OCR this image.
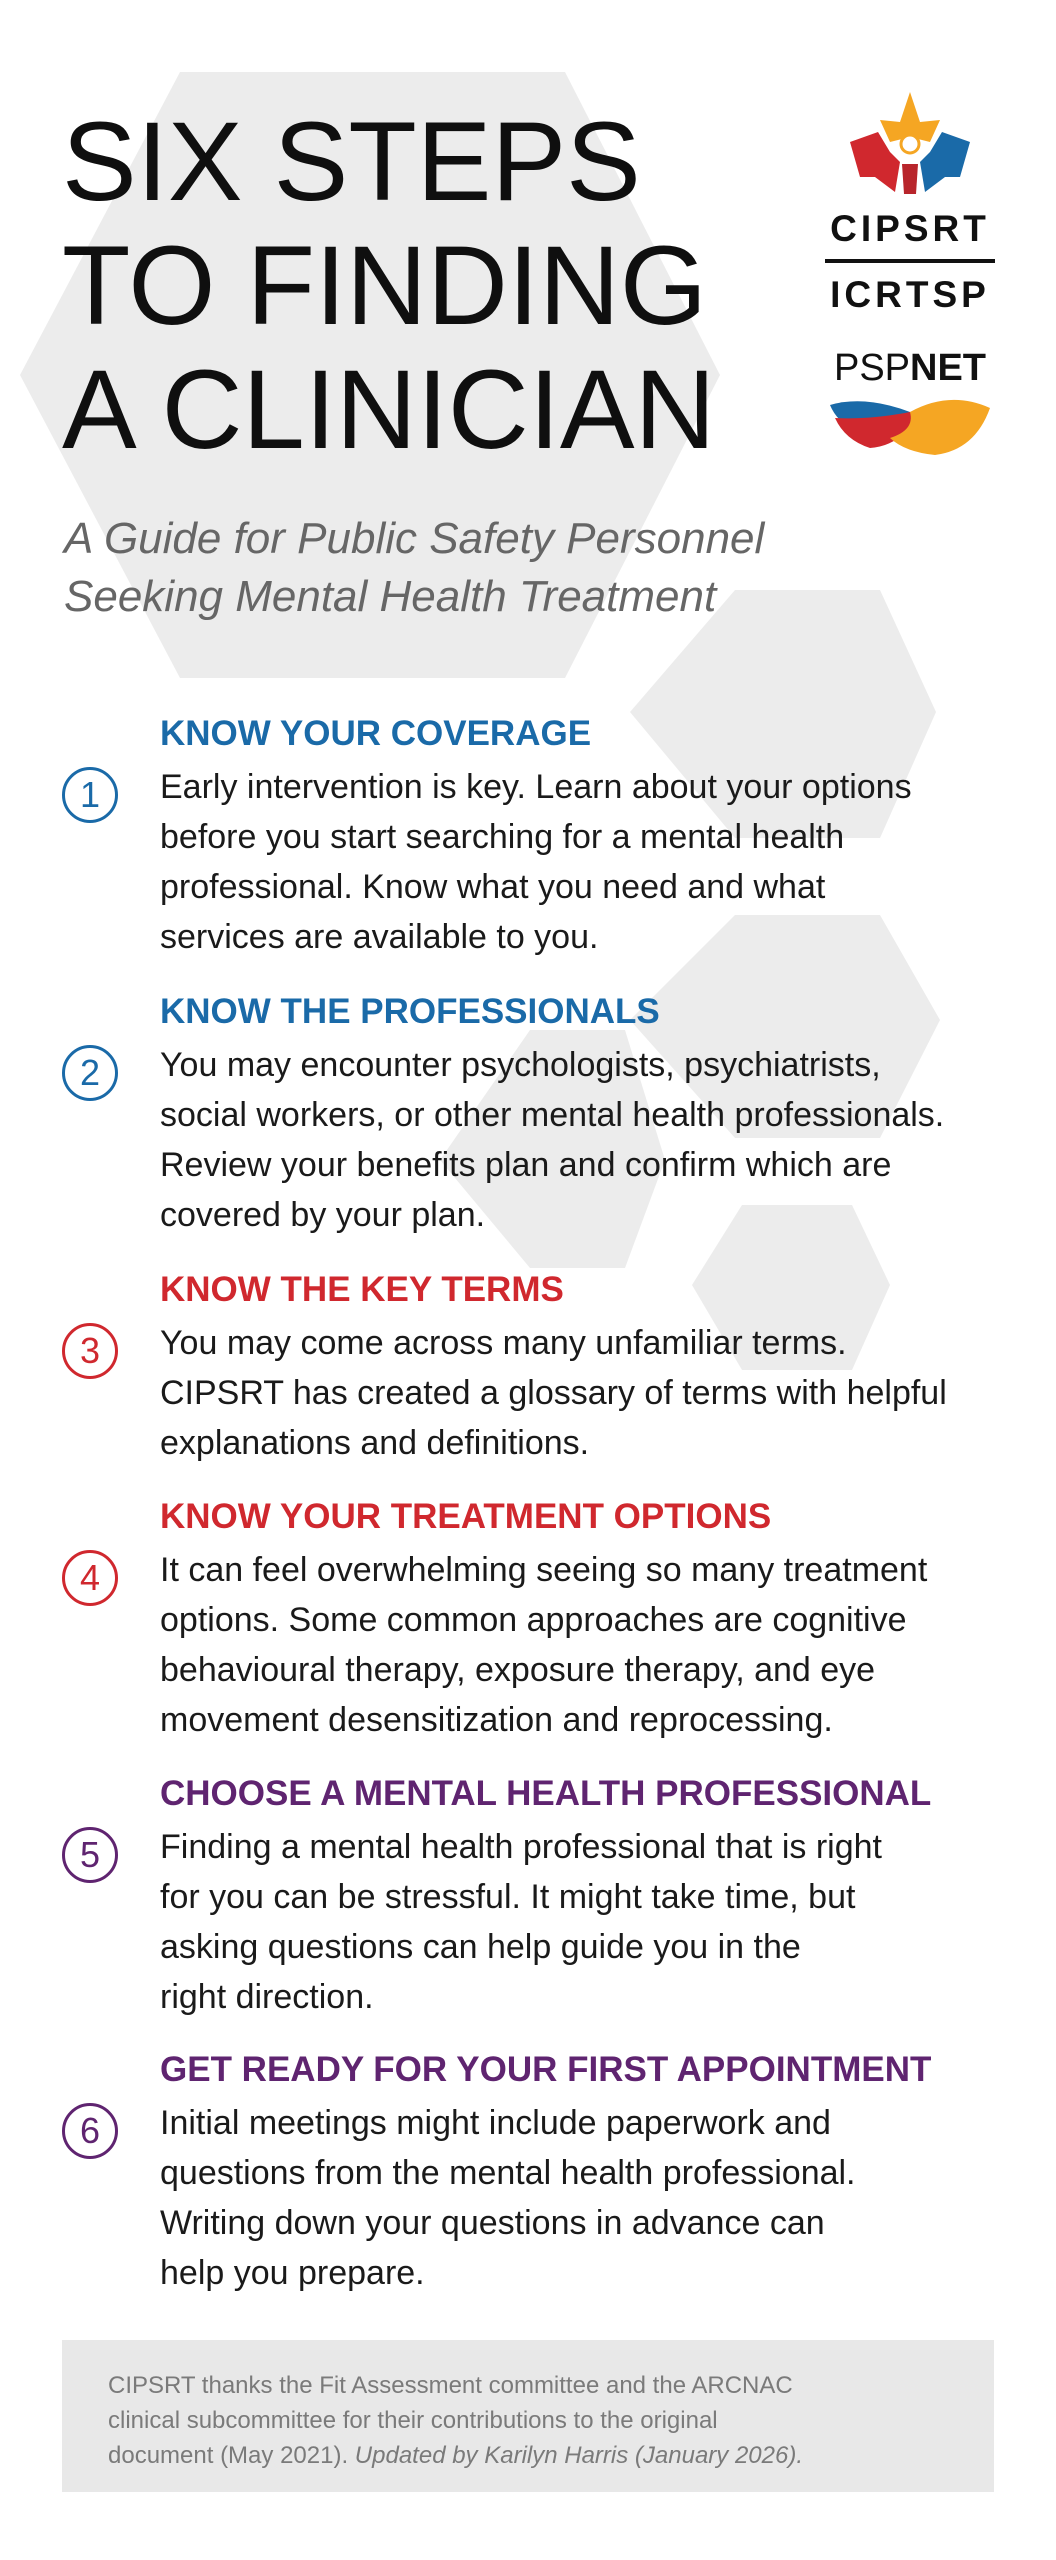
SIX STEPS
TO FINDING
A CLINICIAN
CIPSRT
ICRTSP
PSPNET
A Guide for Public Safety Personnel
Seeking Mental Health Treatment
1
KNOW YOUR COVERAGE
Early intervention is key. Learn about your options
before you start searching for a mental health
professional. Know what you need and what
services are available to you.
2
KNOW THE PROFESSIONALS
You may encounter psychologists, psychiatrists,
social workers, or other mental health professionals.
Review your benefits plan and confirm which are
covered by your plan.
3
KNOW THE KEY TERMS
You may come across many unfamiliar terms.
CIPSRT has created a glossary of terms with helpful
explanations and definitions.
4
KNOW YOUR TREATMENT OPTIONS
It can feel overwhelming seeing so many treatment
options. Some common approaches are cognitive
behavioural therapy, exposure therapy, and eye
movement desensitization and reprocessing.
5
CHOOSE A MENTAL HEALTH PROFESSIONAL
Finding a mental health professional that is right
for you can be stressful. It might take time, but
asking questions can help guide you in the
right direction.
6
GET READY FOR YOUR FIRST APPOINTMENT
Initial meetings might include paperwork and
questions from the mental health professional.
Writing down your questions in advance can
help you prepare.
CIPSRT thanks the Fit Assessment committee and the ARCNAC
clinical subcommittee for their contributions to the original
document (May 2021). Updated by Karilyn Harris (January 2026).
